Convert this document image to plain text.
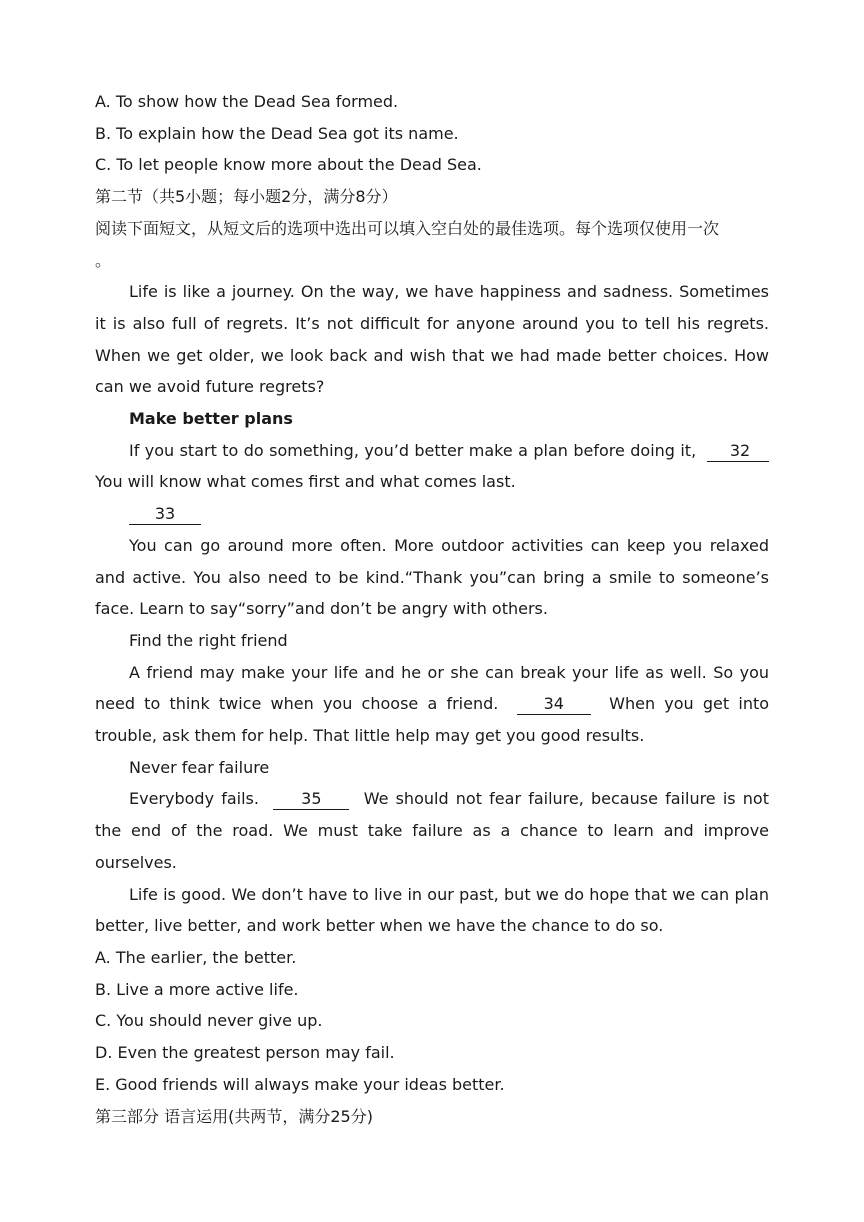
A. To show how the Dead Sea formed.

B. To explain how the Dead Sea got its name.

C. To let people know more about the Dead Sea.

第二节（共5小题；每小题2分，满分8分）

阅读下面短文，从短文后的选项中选出可以填入空白处的最佳选项。每个选项仅使用一次

。

Life is like a journey. On the way, we have happiness and sadness. Sometimes it is also full of regrets. It’s not difficult for anyone around you to tell his regrets. When we get older, we look back and wish that we had made better choices. How can we avoid future regrets?

Make better plans

If you start to do something, you’d better make a plan before doing it, 32 You will know what comes first and what comes last.

33

You can go around more often. More outdoor activities can keep you relaxed and active. You also need to be kind.“Thank you”can bring a smile to someone’s face. Learn to say“sorry”and don’t be angry with others.

Find the right friend

A friend may make your life and he or she can break your life as well. So you need to think twice when you choose a friend.	34	When you get into trouble, ask them for help. That little help may get you good results.

Never fear failure

Everybody fails.	35	We should not fear failure, because failure is not the end of the road. We must take failure as a chance to learn and improve ourselves.

Life is good. We don’t have to live in our past, but we do hope that we can plan better, live better, and work better when we have the chance to do so.

A. The earlier, the better.

B. Live a more active life.

C. You should never give up.

D. Even the greatest person may fail.

E. Good friends will always make your ideas better.

第三部分 语言运用(共两节，满分25分)
